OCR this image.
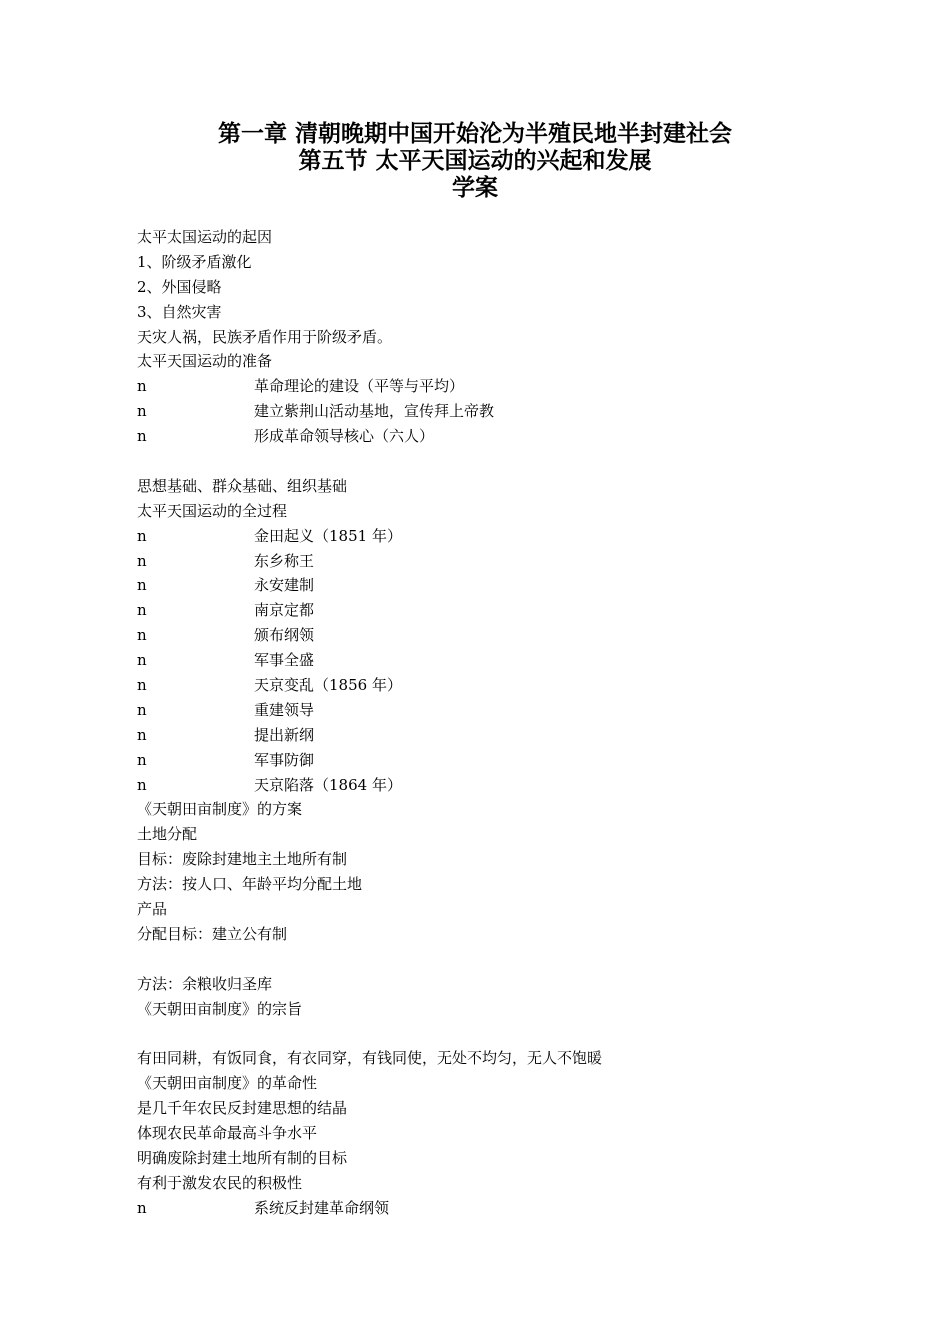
第一章 清朝晚期中国开始沦为半殖民地半封建社会
第五节 太平天国运动的兴起和发展
学案
太平太国运动的起因
1、阶级矛盾激化
2、外国侵略
3、自然灾害
天灾人祸，民族矛盾作用于阶级矛盾。
太平天国运动的准备
n	革命理论的建设（平等与平均）
n	建立紫荆山活动基地，宣传拜上帝教
n	形成革命领导核心（六人）
思想基础、群众基础、组织基础
太平天国运动的全过程
n	金田起义（1851 年）
n	东乡称王
n	永安建制
n	南京定都
n	颁布纲领
n	军事全盛
n	天京变乱（1856 年）
n	重建领导
n	提出新纲
n	军事防御
n	天京陷落（1864 年）
《天朝田亩制度》的方案
土地分配
目标：废除封建地主土地所有制
方法：按人口、年龄平均分配土地
产品
分配目标：建立公有制
方法：余粮收归圣库
《天朝田亩制度》的宗旨
有田同耕，有饭同食，有衣同穿，有钱同使，无处不均匀，无人不饱暖
《天朝田亩制度》的革命性
是几千年农民反封建思想的结晶
体现农民革命最高斗争水平
明确废除封建土地所有制的目标
有利于激发农民的积极性
n	系统反封建革命纲领
